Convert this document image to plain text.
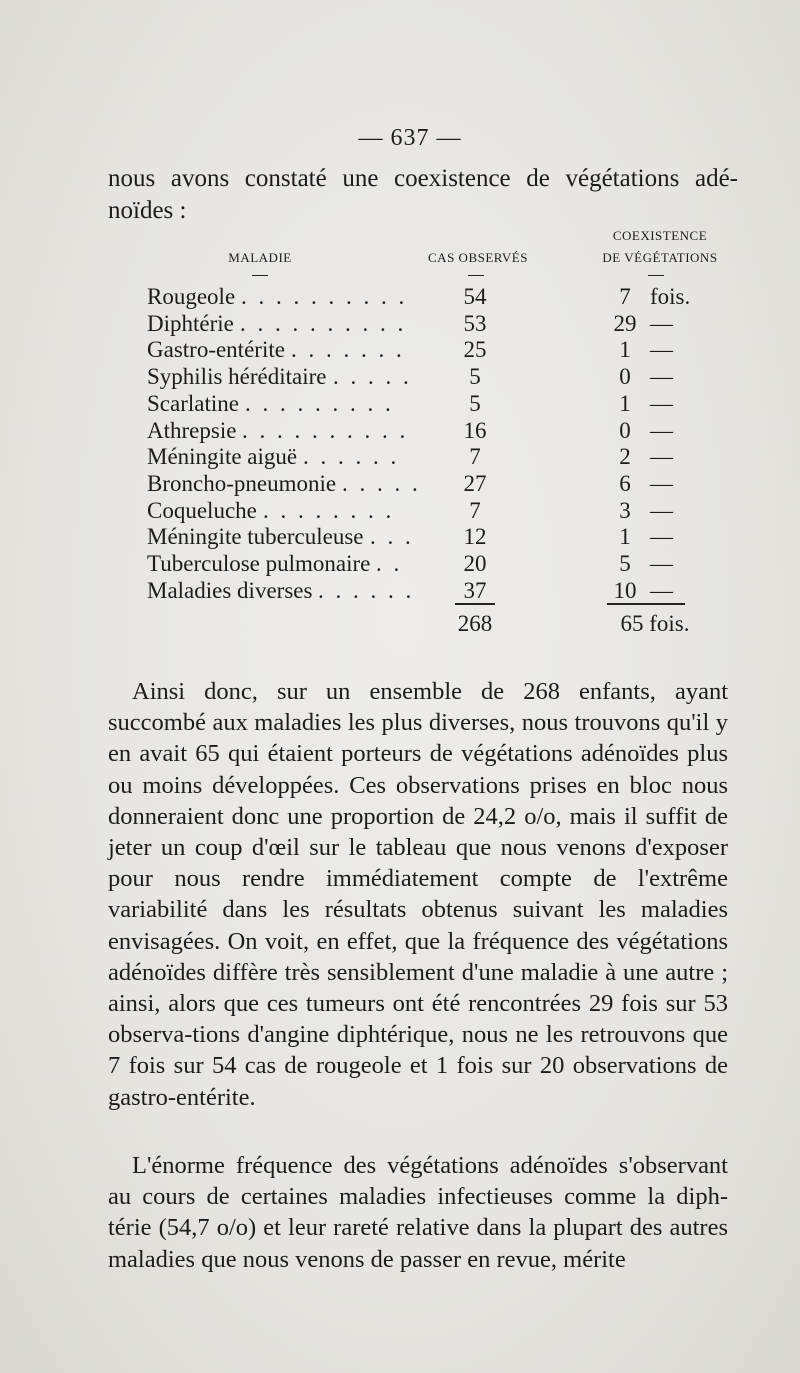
— 637 —
nous avons constaté une coexistence de végétations adé-
noïdes :
MALADIE	CAS OBSERVÉS
COEXISTENCE
DE VÉGÉTATIONS
Rougeole . . . . . . . . . .	54	7 fois.
Diphtérie . . . . . . . . . .	53	29 —
Gastro-entérite . . . . . . .	25	1 —
Syphilis héréditaire . . . . .	5	0 —
Scarlatine . . . . . . . . .	5	1 —
Athrepsie . . . . . . . . . .	16	0 —
Méningite aiguë . . . . . .	7	2 —
Broncho-pneumonie . . . . .	27	6 —
Coqueluche . . . . . . . .	7	3 —
Méningite tuberculeuse . . .	12	1 —
Tuberculose pulmonaire . .	20	5 —
Maladies diverses . . . . . .	37	10 —
268	65 fois.

Ainsi donc, sur un ensemble de 268 enfants, ayant succombé aux maladies les plus diverses, nous trouvons qu'il y en avait 65 qui étaient porteurs de végétations adénoïdes plus ou moins développées. Ces observations prises en bloc nous donneraient donc une proportion de 24,2 o/o, mais il suffit de jeter un coup d'œil sur le tableau que nous venons d'exposer pour nous rendre immédiatement compte de l'extrême variabilité dans les résultats obtenus suivant les maladies envisagées. On voit, en effet, que la fréquence des végétations adénoïdes diffère très sensiblement d'une maladie à une autre ; ainsi, alors que ces tumeurs ont été rencontrées 29 fois sur 53 observa-tions d'angine diphtérique, nous ne les retrouvons que 7 fois sur 54 cas de rougeole et 1 fois sur 20 observations de gastro-entérite.

L'énorme fréquence des végétations adénoïdes s'observant au cours de certaines maladies infectieuses comme la diph-térie (54,7 o/o) et leur rareté relative dans la plupart des autres maladies que nous venons de passer en revue, mérite
